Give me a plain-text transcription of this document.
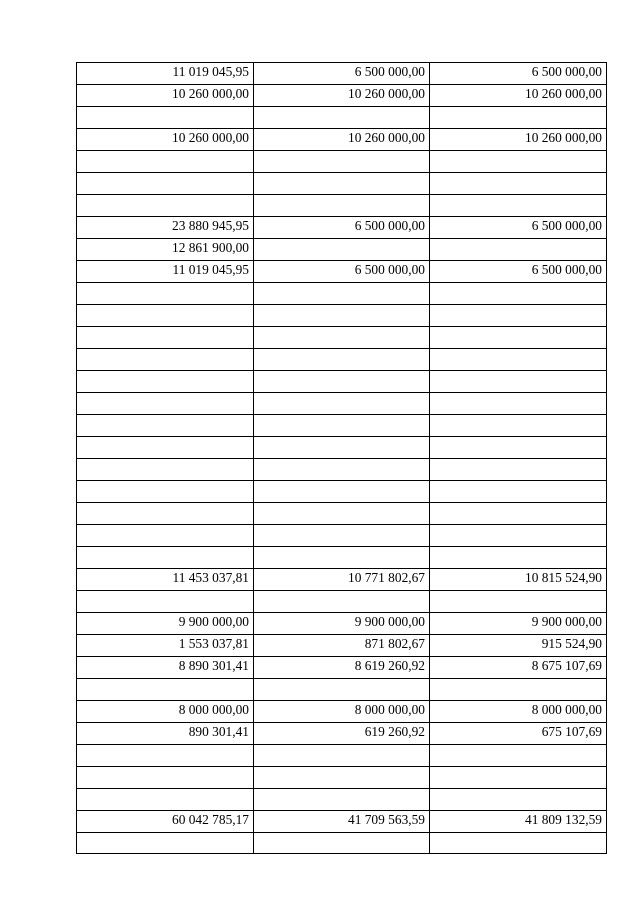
11 019 045,95	6 500 000,00	6 500 000,00
10 260 000,00	10 260 000,00	10 260 000,00

10 260 000,00	10 260 000,00	10 260 000,00

23 880 945,95	6 500 000,00	6 500 000,00
12 861 900,00		
11 019 045,95	6 500 000,00	6 500 000,00

11 453 037,81	10 771 802,67	10 815 524,90

9 900 000,00	9 900 000,00	9 900 000,00
1 553 037,81	871 802,67	915 524,90
8 890 301,41	8 619 260,92	8 675 107,69

8 000 000,00	8 000 000,00	8 000 000,00
890 301,41	619 260,92	675 107,69

60 042 785,17	41 709 563,59	41 809 132,59
